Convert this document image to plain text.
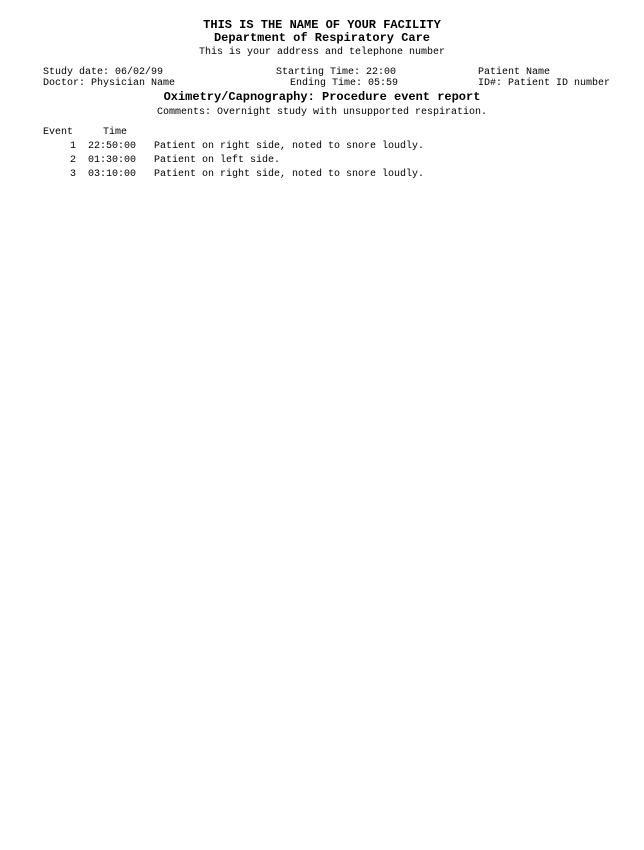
THIS IS THE NAME OF YOUR FACILITY
Department of Respiratory Care
This is your address and telephone number
Study date: 06/02/99	Starting Time: 22:00	Patient Name
Doctor: Physician Name	Ending Time: 05:59	ID#: Patient ID number
Oximetry/Capnography: Procedure event report
Comments: Overnight study with unsupported respiration.
Event	Time
1 22:50:00 Patient on right side, noted to snore loudly.
2 01:30:00 Patient on left side.
3 03:10:00 Patient on right side, noted to snore loudly.
